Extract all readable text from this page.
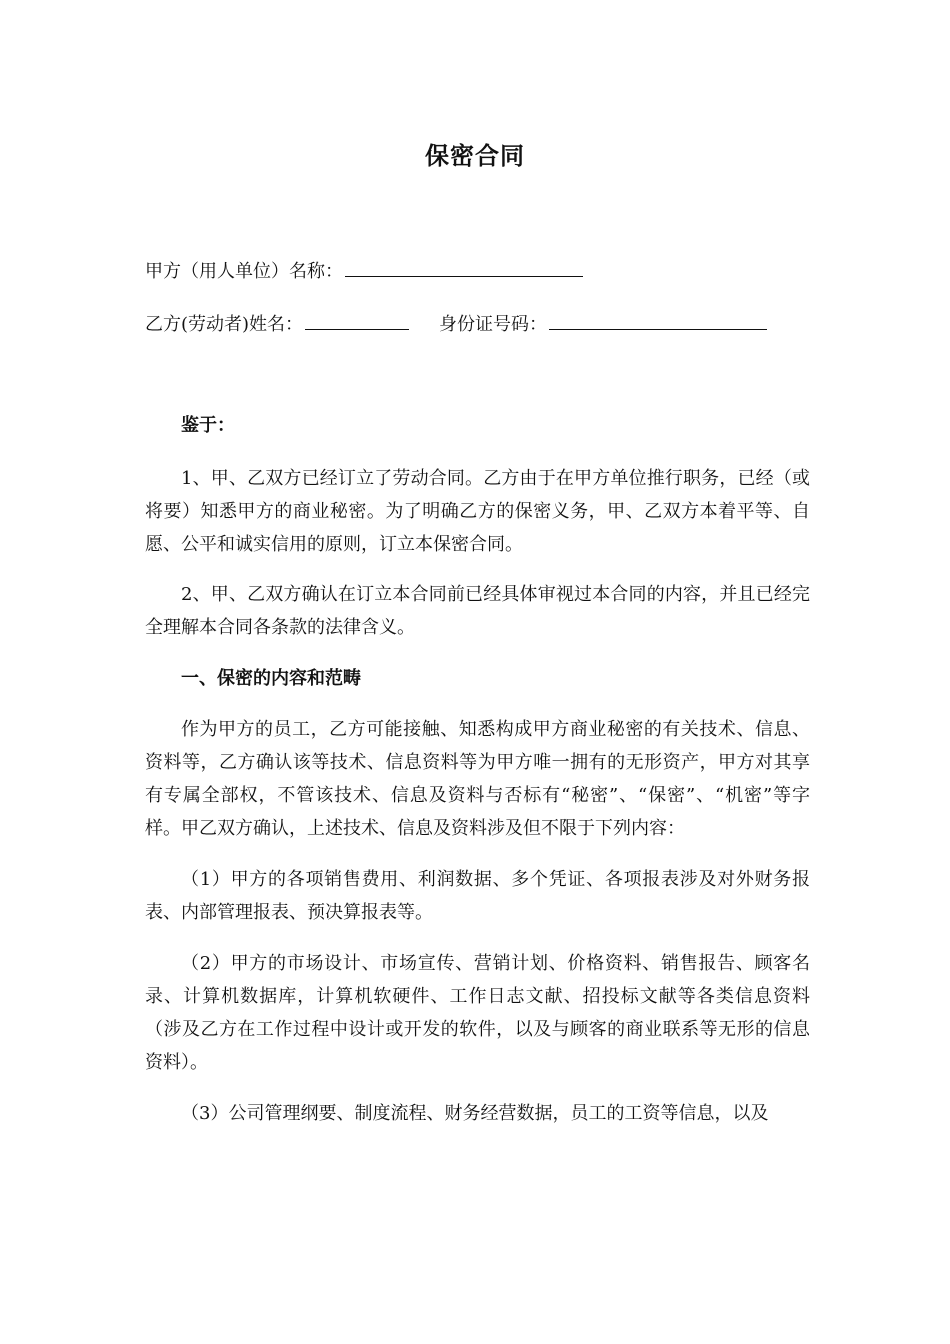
保密合同
甲方（用人单位）名称：
乙方(劳动者)姓名：	身份证号码：

鉴于：

1、甲、乙双方已经订立了劳动合同。乙方由于在甲方单位推行职务，已经（或将要）知悉甲方的商业秘密。为了明确乙方的保密义务，甲、乙双方本着平等、自愿、公平和诚实信用的原则，订立本保密合同。

2、甲、乙双方确认在订立本合同前已经具体审视过本合同的内容，并且已经完全理解本合同各条款的法律含义。

一、保密的内容和范畴

作为甲方的员工，乙方可能接触、知悉构成甲方商业秘密的有关技术、信息、资料等，乙方确认该等技术、信息资料等为甲方唯一拥有的无形资产，甲方对其享有专属全部权，不管该技术、信息及资料与否标有“秘密”、“保密”、“机密”等字样。甲乙双方确认，上述技术、信息及资料涉及但不限于下列内容：

（1）甲方的各项销售费用、利润数据、多个凭证、各项报表涉及对外财务报表、内部管理报表、预决算报表等。

（2）甲方的市场设计、市场宣传、营销计划、价格资料、销售报告、顾客名录、计算机数据库，计算机软硬件、工作日志文献、招投标文献等各类信息资料（涉及乙方在工作过程中设计或开发的软件，以及与顾客的商业联系等无形的信息资料）。

（3）公司管理纲要、制度流程、财务经营数据，员工的工资等信息，以及
